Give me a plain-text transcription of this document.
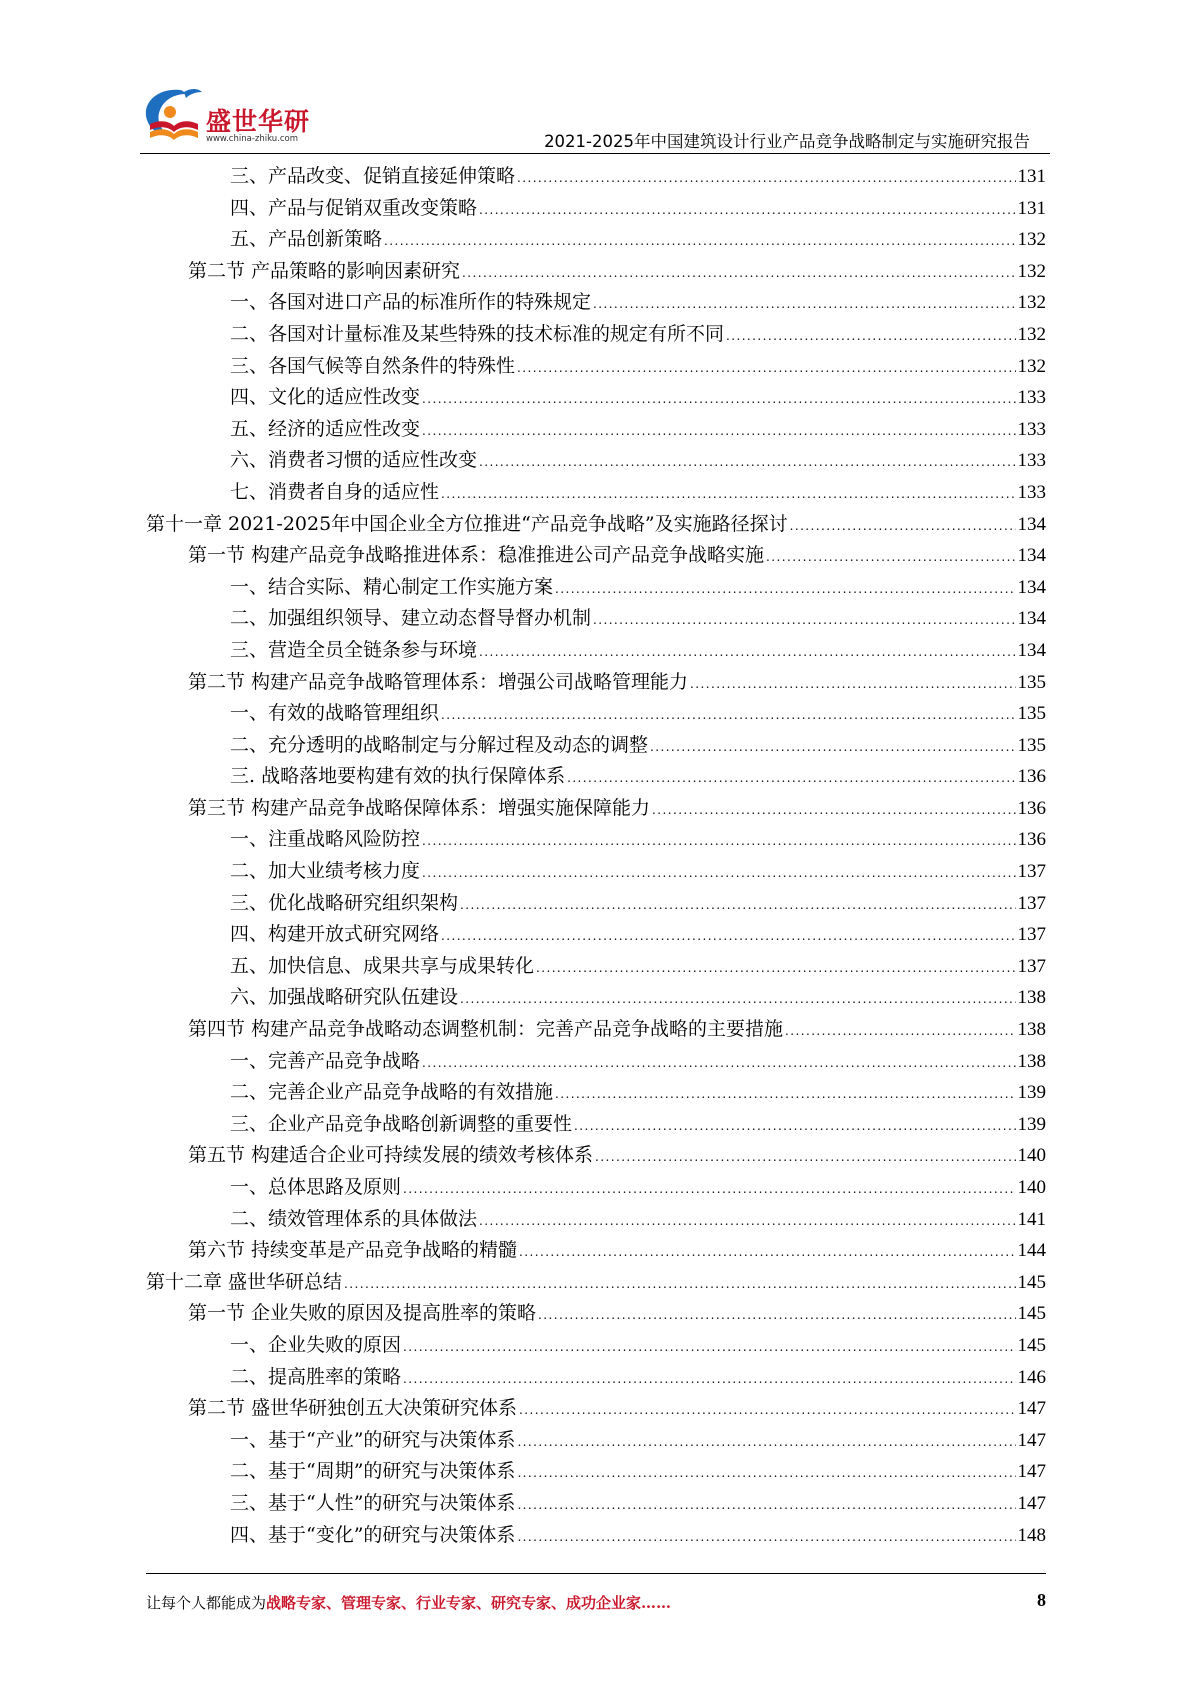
盛世华研
www.china-zhiku.com	2021-2025年中国建筑设计行业产品竞争战略制定与实施研究报告
三、产品改变、促销直接延伸策略 . . .	131
四、产品与促销双重改变策略 . . .	131
五、产品创新策略 . . .	132
第二节 产品策略的影响因素研究 . . .	132
一、各国对进口产品的标准所作的特殊规定 . . .	132
二、各国对计量标准及某些特殊的技术标准的规定有所不同 . . .	132
三、各国气候等自然条件的特殊性 . . .	132
四、文化的适应性改变 . . .	133
五、经济的适应性改变 . . .	133
六、消费者习惯的适应性改变 . . .	133
七、消费者自身的适应性 . . .	133
第十一章 2021-2025年中国企业全方位推进“产品竞争战略”及实施路径探讨 . . .	134
第一节 构建产品竞争战略推进体系：稳准推进公司产品竞争战略实施 . . .	134
一、结合实际、精心制定工作实施方案 . . .	134
二、加强组织领导、建立动态督导督办机制 . . .	134
三、营造全员全链条参与环境 . . .	134
第二节 构建产品竞争战略管理体系：增强公司战略管理能力 . . .	135
一、有效的战略管理组织 . . .	135
二、充分透明的战略制定与分解过程及动态的调整 . . .	135
三. 战略落地要构建有效的执行保障体系 . . .	136
第三节 构建产品竞争战略保障体系：增强实施保障能力 . . .	136
一、注重战略风险防控 . . .	136
二、加大业绩考核力度 . . .	137
三、优化战略研究组织架构 . . .	137
四、构建开放式研究网络 . . .	137
五、加快信息、成果共享与成果转化 . . .	137
六、加强战略研究队伍建设 . . .	138
第四节 构建产品竞争战略动态调整机制：完善产品竞争战略的主要措施 . . .	138
一、完善产品竞争战略 . . .	138
二、完善企业产品竞争战略的有效措施 . . .	139
三、企业产品竞争战略创新调整的重要性 . . .	139
第五节 构建适合企业可持续发展的绩效考核体系 . . .	140
一、总体思路及原则 . . .	140
二、绩效管理体系的具体做法 . . .	141
第六节 持续变革是产品竞争战略的精髓 . . .	144
第十二章 盛世华研总结 . . .	145
第一节 企业失败的原因及提高胜率的策略 . . .	145
一、企业失败的原因 . . .	145
二、提高胜率的策略 . . .	146
第二节 盛世华研独创五大决策研究体系 . . .	147
一、基于“产业”的研究与决策体系 . . .	147
二、基于“周期”的研究与决策体系 . . .	147
三、基于“人性”的研究与决策体系 . . .	147
四、基于“变化”的研究与决策体系 . . .	148
让每个人都能成为战略专家、管理专家、行业专家、研究专家、成功企业家……	8
